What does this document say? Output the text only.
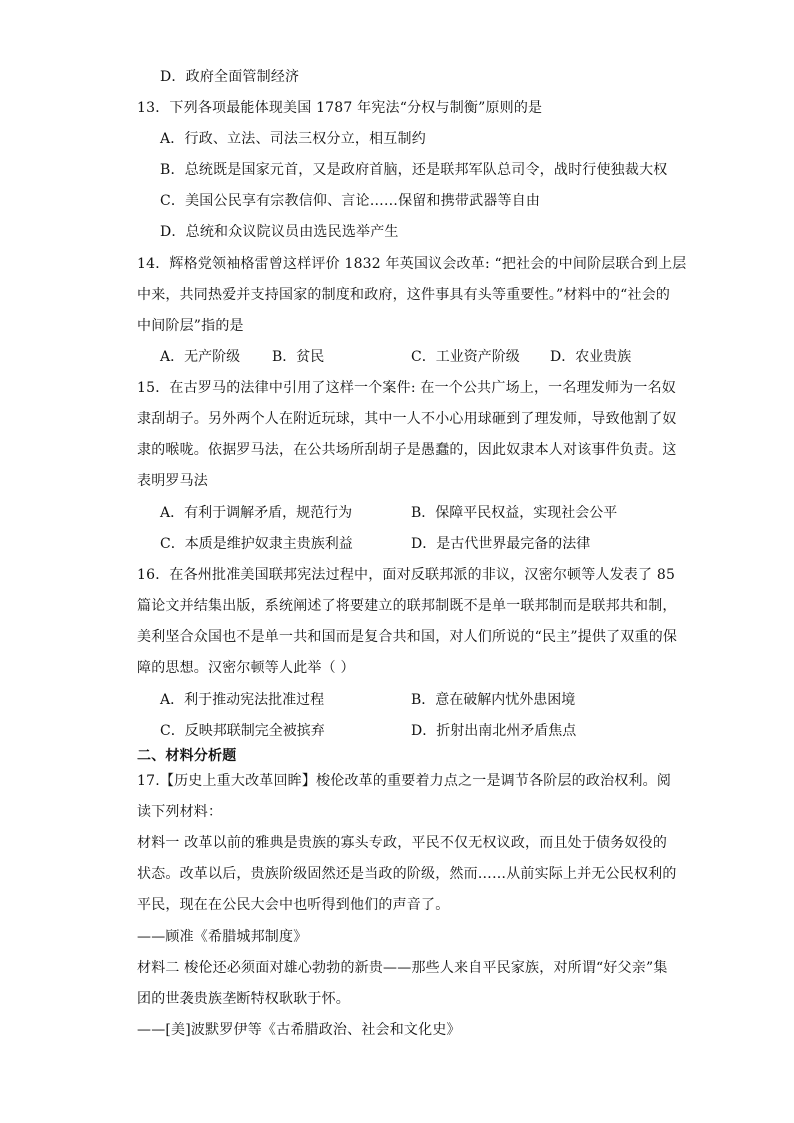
D．政府全面管制经济
13．下列各项最能体现美国 1787 年宪法“分权与制衡”原则的是
A．行政、立法、司法三权分立，相互制约
B．总统既是国家元首，又是政府首脑，还是联邦军队总司令，战时行使独裁大权
C．美国公民享有宗教信仰、言论……保留和携带武器等自由
D．总统和众议院议员由选民选举产生
14．辉格党领袖格雷曾这样评价 1832 年英国议会改革: “把社会的中间阶层联合到上层
中来，共同热爱并支持国家的制度和政府，这件事具有头等重要性。”材料中的“社会的
中间阶层”指的是
A．无产阶级 B．贫民	C．工业资产阶级 D．农业贵族
15．在古罗马的法律中引用了这样一个案件: 在一个公共广场上，一名理发师为一名奴
隶刮胡子。另外两个人在附近玩球，其中一人不小心用球砸到了理发师，导致他割了奴
隶的喉咙。依据罗马法，在公共场所刮胡子是愚蠢的，因此奴隶本人对该事件负责。这
表明罗马法
A．有利于调解矛盾，规范行为	B．保障平民权益，实现社会公平
C．本质是维护奴隶主贵族利益	D．是古代世界最完备的法律
16．在各州批准美国联邦宪法过程中，面对反联邦派的非议，汉密尔顿等人发表了 85
篇论文并结集出版，系统阐述了将要建立的联邦制既不是单一联邦制而是联邦共和制，
美利坚合众国也不是单一共和国而是复合共和国，对人们所说的“民主”提供了双重的保
障的思想。汉密尔顿等人此举（ ）
A．利于推动宪法批准过程	B．意在破解内忧外患困境
C．反映邦联制完全被摈弃	D．折射出南北州矛盾焦点
二、材料分析题
17.【历史上重大改革回眸】梭伦改革的重要着力点之一是调节各阶层的政治权利。阅
读下列材料：
材料一 改革以前的雅典是贵族的寡头专政，平民不仅无权议政，而且处于债务奴役的
状态。改革以后，贵族阶级固然还是当政的阶级，然而……从前实际上并无公民权利的
平民，现在在公民大会中也听得到他们的声音了。
——顾准《希腊城邦制度》
材料二 梭伦还必须面对雄心勃勃的新贵——那些人来自平民家族，对所谓“好父亲”集
团的世袭贵族垄断特权耿耿于怀。
——[美]波默罗伊等《古希腊政治、社会和文化史》
